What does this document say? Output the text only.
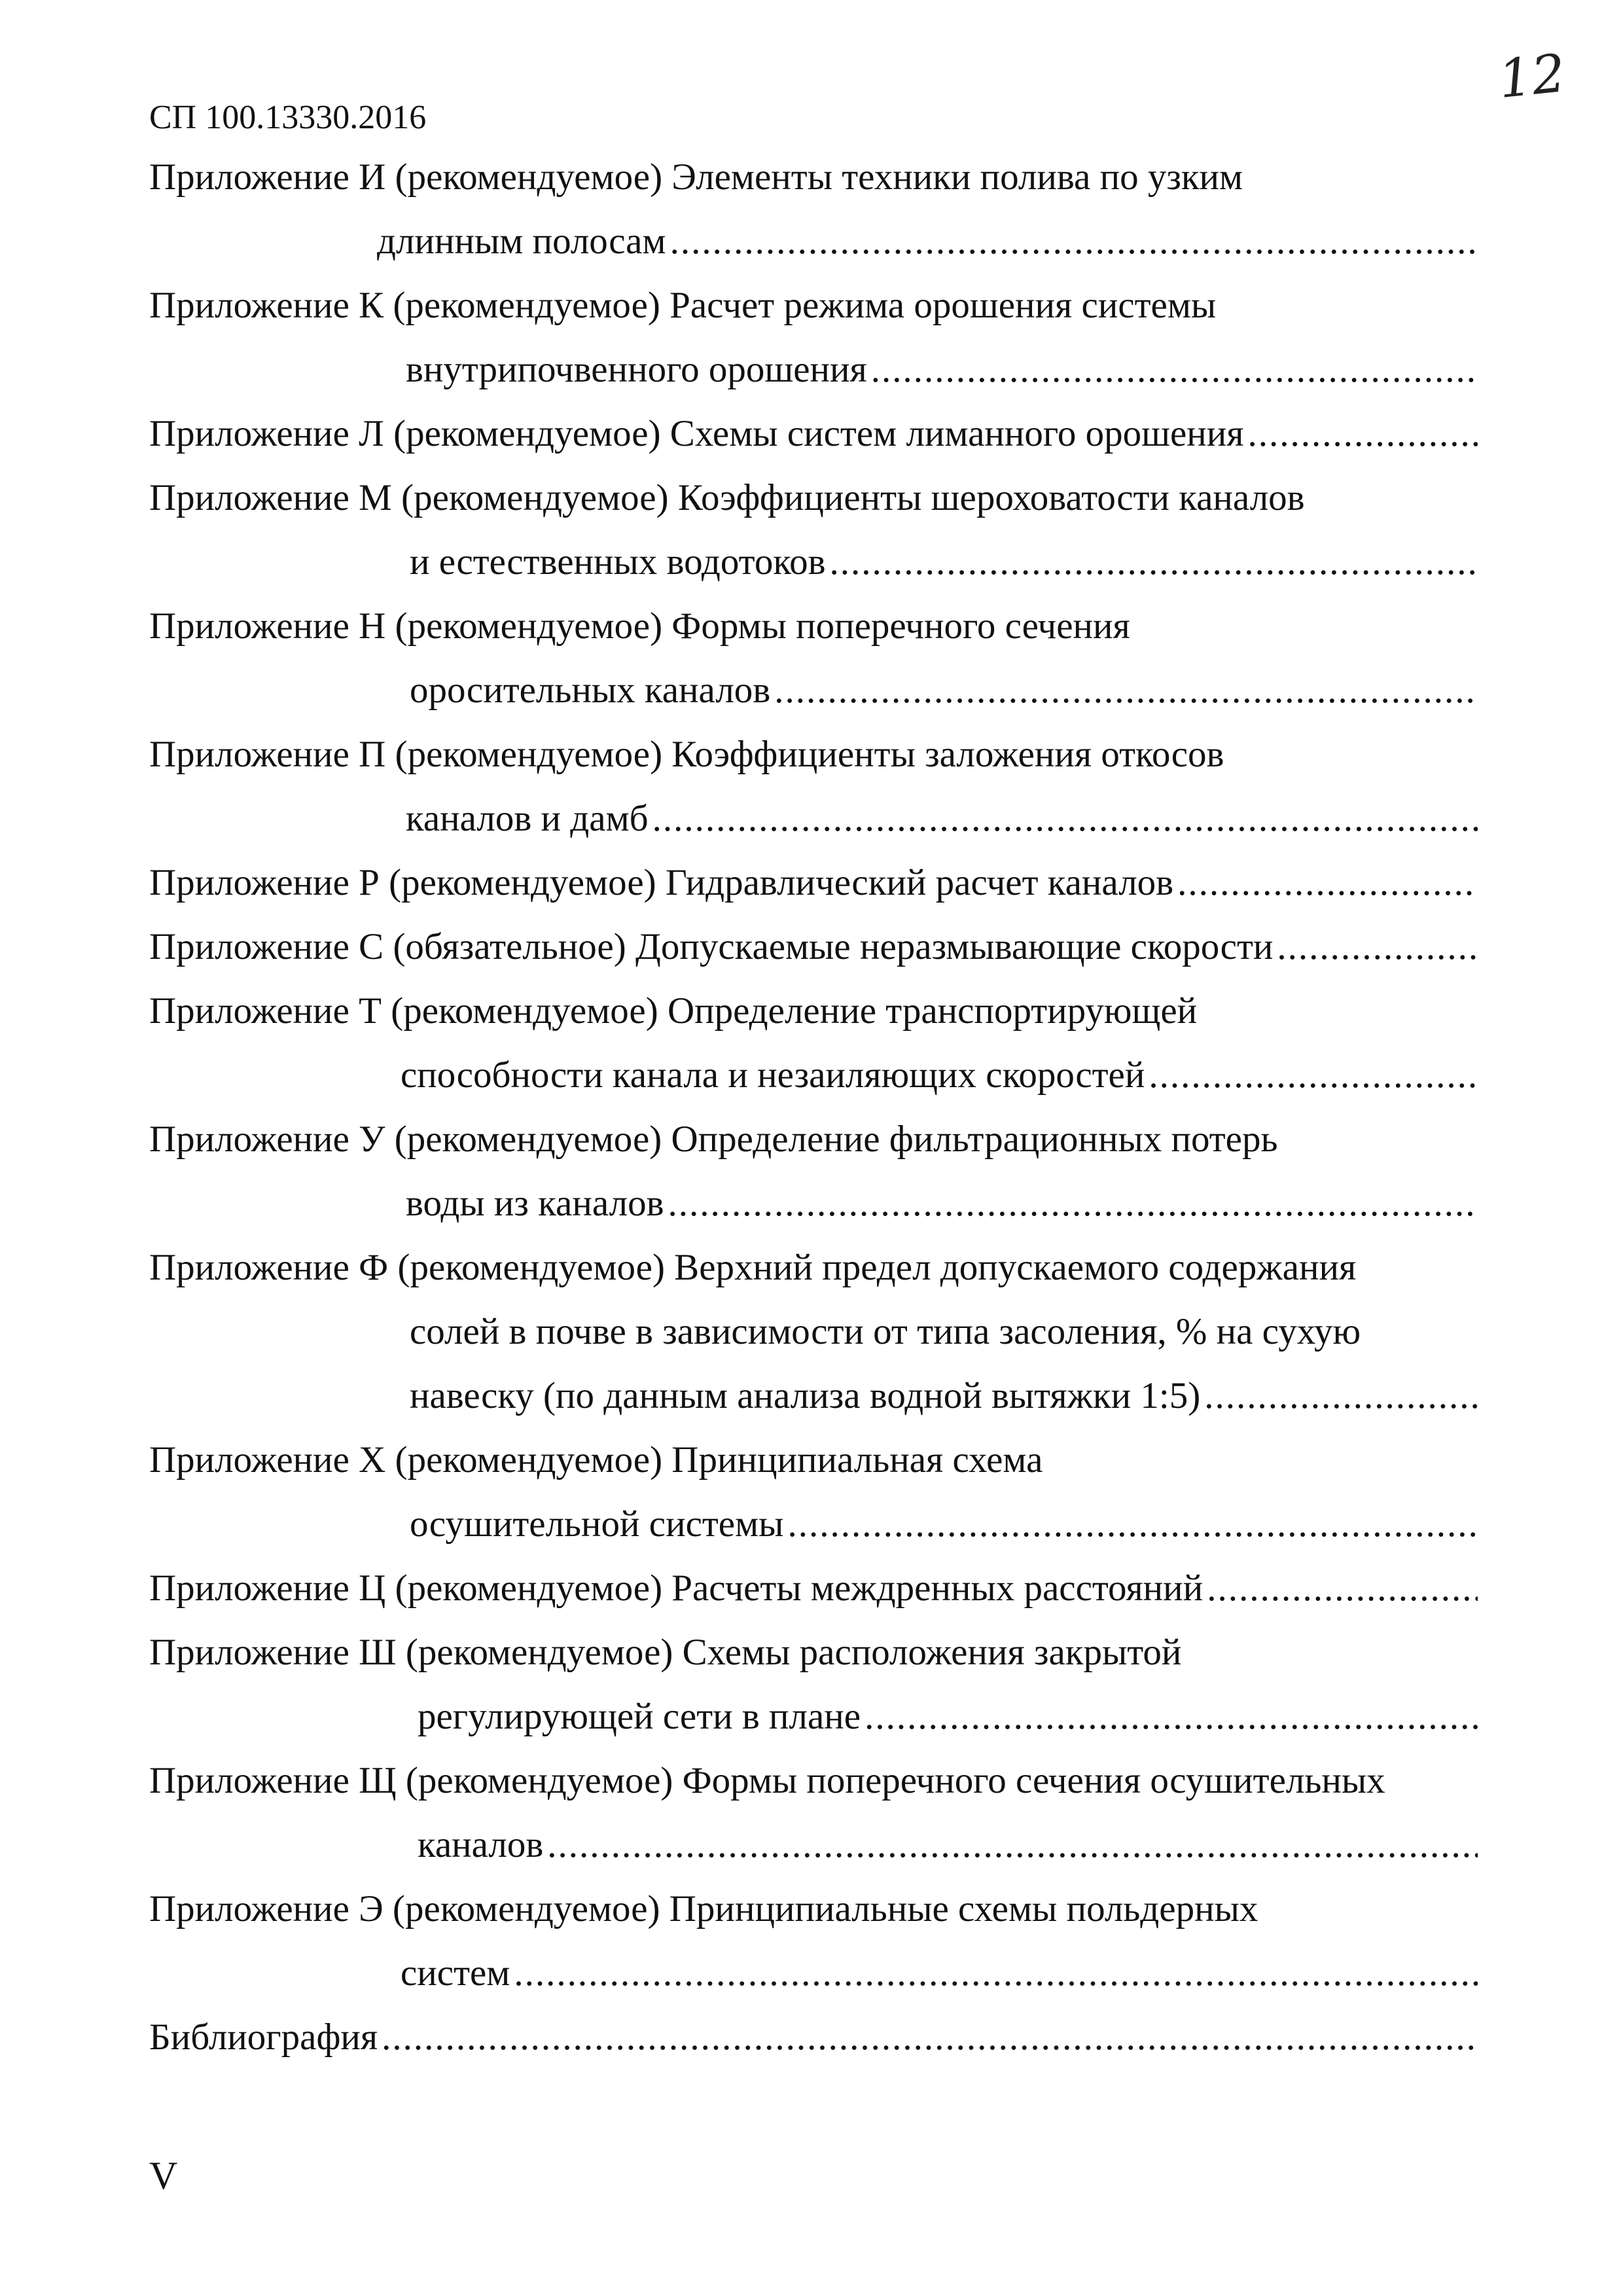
12
СП 100.13330.2016
Приложение И (рекомендуемое) Элементы техники полива по узким
длинным полосам
.....
Приложение К (рекомендуемое) Расчет режима орошения системы
внутрипочвенного орошения
.....
Приложение Л (рекомендуемое) Схемы систем лиманного орошения
.....
Приложение М (рекомендуемое) Коэффициенты шероховатости каналов
и естественных водотоков
.....
Приложение Н (рекомендуемое) Формы поперечного сечения
оросительных каналов
.....
Приложение П (рекомендуемое) Коэффициенты заложения откосов
каналов и дамб
.....
Приложение Р (рекомендуемое) Гидравлический расчет каналов
.....
Приложение С (обязательное) Допускаемые неразмывающие скорости
.....
Приложение Т (рекомендуемое) Определение транспортирующей
способности канала и незаиляющих скоростей
.....
Приложение У (рекомендуемое) Определение фильтрационных потерь
воды из каналов
.....
Приложение Ф (рекомендуемое) Верхний предел допускаемого содержания
солей в почве в зависимости от типа засоления, % на сухую
навеску (по данным анализа водной вытяжки 1:5)
.....
Приложение Х (рекомендуемое) Принципиальная схема
осушительной системы
.....
Приложение Ц (рекомендуемое) Расчеты междренных расстояний
.....
Приложение Ш (рекомендуемое) Схемы расположения закрытой
регулирующей сети в плане
.....
Приложение Щ (рекомендуемое) Формы поперечного сечения осушительных
каналов
.....
Приложение Э (рекомендуемое) Принципиальные схемы польдерных
систем
.....
Библиография
.....
V
